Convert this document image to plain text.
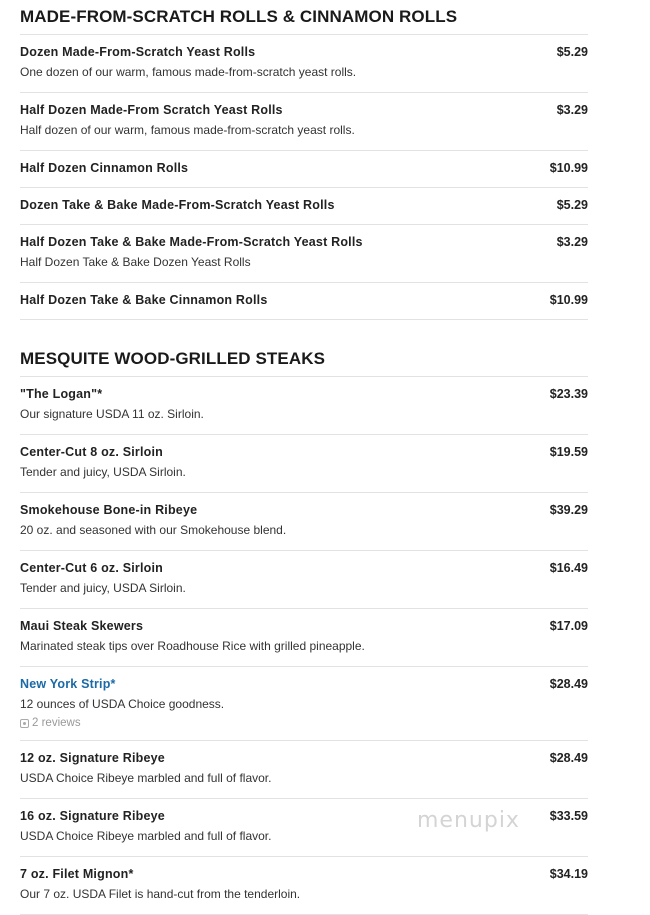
MADE-FROM-SCRATCH ROLLS & CINNAMON ROLLS
$5.29
Dozen Made-From-Scratch Yeast Rolls
One dozen of our warm, famous made-from-scratch yeast rolls.
$3.29
Half Dozen Made-From Scratch Yeast Rolls
Half dozen of our warm, famous made-from-scratch yeast rolls.
$10.99
Half Dozen Cinnamon Rolls
$5.29
Dozen Take & Bake Made-From-Scratch Yeast Rolls
$3.29
Half Dozen Take & Bake Made-From-Scratch Yeast Rolls
Half Dozen Take & Bake Dozen Yeast Rolls
$10.99
Half Dozen Take & Bake Cinnamon Rolls
MESQUITE WOOD-GRILLED STEAKS
$23.39
"The Logan"*
Our signature USDA 11 oz. Sirloin.
$19.59
Center-Cut 8 oz. Sirloin
Tender and juicy, USDA Sirloin.
$39.29
Smokehouse Bone-in Ribeye
20 oz. and seasoned with our Smokehouse blend.
$16.49
Center-Cut 6 oz. Sirloin
Tender and juicy, USDA Sirloin.
$17.09
Maui Steak Skewers
Marinated steak tips over Roadhouse Rice with grilled pineapple.
$28.49
New York Strip*
12 ounces of USDA Choice goodness.
2 reviews
$28.49
12 oz. Signature Ribeye
USDA Choice Ribeye marbled and full of flavor.
$33.59
16 oz. Signature Ribeye
USDA Choice Ribeye marbled and full of flavor.
$34.19
7 oz. Filet Mignon*
Our 7 oz. USDA Filet is hand-cut from the tenderloin.
menupix
